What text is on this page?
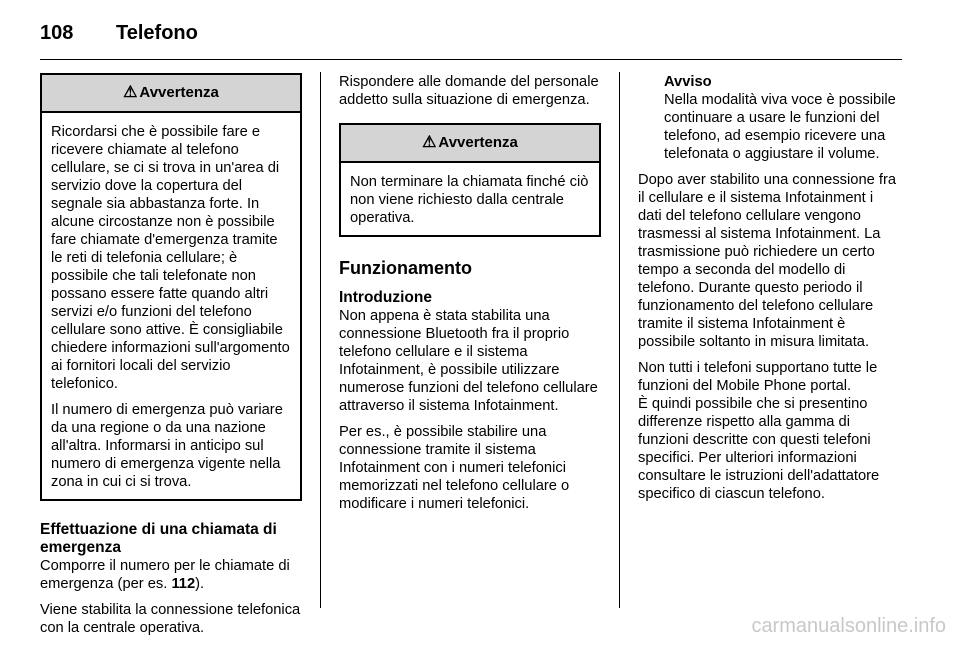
108 Telefono
⚠ Avvertenza

Ricordarsi che è possibile fare e ricevere chiamate al telefono cellulare, se ci si trova in un'area di servizio dove la copertura del segnale sia abbastanza forte. In alcune circostanze non è possibile fare chiamate d'emergenza tramite le reti di telefonia cellulare; è possibile che tali telefonate non possano essere fatte quando altri servizi e/o funzioni del telefono cellulare sono attive. È consigliabile chiedere informazioni sull'argomento ai fornitori locali del servizio telefonico.

Il numero di emergenza può variare da una regione o da una nazione all'altra. Informarsi in anticipo sul numero di emergenza vigente nella zona in cui ci si trova.

Effettuazione di una chiamata di emergenza

Comporre il numero per le chiamate di emergenza (per es. 112).

Viene stabilita la connessione telefonica con la centrale operativa.

Rispondere alle domande del personale addetto sulla situazione di emergenza.

⚠ Avvertenza

Non terminare la chiamata finché ciò non viene richiesto dalla centrale operativa.

Funzionamento
Introduzione

Non appena è stata stabilita una connessione Bluetooth fra il proprio telefono cellulare e il sistema Infotainment, è possibile utilizzare numerose funzioni del telefono cellulare attraverso il sistema Infotainment.

Per es., è possibile stabilire una connessione tramite il sistema Infotainment con i numeri telefonici memorizzati nel telefono cellulare o modificare i numeri telefonici.

Avviso
Nella modalità viva voce è possibile continuare a usare le funzioni del telefono, ad esempio ricevere una telefonata o aggiustare il volume.

Dopo aver stabilito una connessione fra il cellulare e il sistema Infotainment i dati del telefono cellulare vengono trasmessi al sistema Infotainment. La trasmissione può richiedere un certo tempo a seconda del modello di telefono. Durante questo periodo il funzionamento del telefono cellulare tramite il sistema Infotainment è possibile soltanto in misura limitata.

Non tutti i telefoni supportano tutte le funzioni del Mobile Phone portal.
È quindi possibile che si presentino differenze rispetto alla gamma di funzioni descritte con questi telefoni specifici. Per ulteriori informazioni consultare le istruzioni dell'adattatore specifico di ciascun telefono.

carmanualsonline.info
